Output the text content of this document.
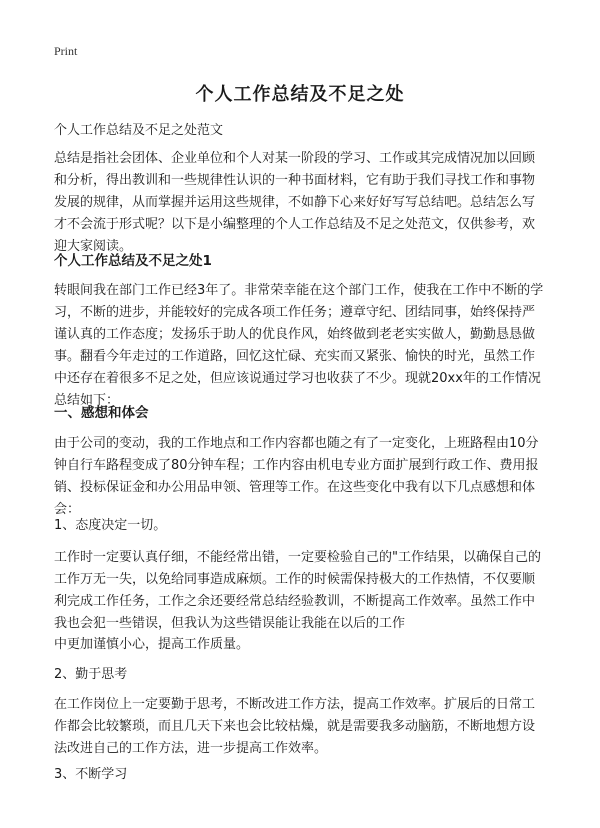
Print
个人工作总结及不足之处

个人工作总结及不足之处范文

总结是指社会团体、企业单位和个人对某一阶段的学习、工作或其完成情况加以回顾和分析，得出教训和一些规律性认识的一种书面材料，它有助于我们寻找工作和事物发展的规律，从而掌握并运用这些规律，不如静下心来好好写写总结吧。总结怎么写才不会流于形式呢？以下是小编整理的个人工作总结及不足之处范文，仅供参考，欢迎大家阅读。

个人工作总结及不足之处1

转眼间我在部门工作已经3年了。非常荣幸能在这个部门工作，使我在工作中不断的学习，不断的进步，并能较好的完成各项工作任务；遵章守纪、团结同事，始终保持严谨认真的工作态度；发扬乐于助人的优良作风，始终做到老老实实做人，勤勤恳恳做事。翻看今年走过的工作道路，回忆这忙碌、充实而又紧张、愉快的时光，虽然工作中还存在着很多不足之处，但应该说通过学习也收获了不少。现就20xx年的工作情况总结如下：

一、感想和体会

由于公司的变动，我的工作地点和工作内容都也随之有了一定变化，上班路程由10分钟自行车路程变成了80分钟车程；工作内容由机电专业方面扩展到行政工作、费用报销、投标保证金和办公用品申领、管理等工作。在这些变化中我有以下几点感想和体会：

1、态度决定一切。

工作时一定要认真仔细，不能经常出错，一定要检验自己的"工作结果，以确保自己的工作万无一失，以免给同事造成麻烦。工作的时候需保持极大的工作热情，不仅要顺利完成工作任务，工作之余还要经常总结经验教训，不断提高工作效率。虽然工作中我也会犯一些错误，但我认为这些错误能让我能在以后的工作

中更加谨慎小心，提高工作质量。

2、勤于思考

在工作岗位上一定要勤于思考，不断改进工作方法，提高工作效率。扩展后的日常工作都会比较繁琐，而且几天下来也会比较枯燥，就是需要我多动脑筋，不断地想方设法改进自己的工作方法，进一步提高工作效率。

3、不断学习
